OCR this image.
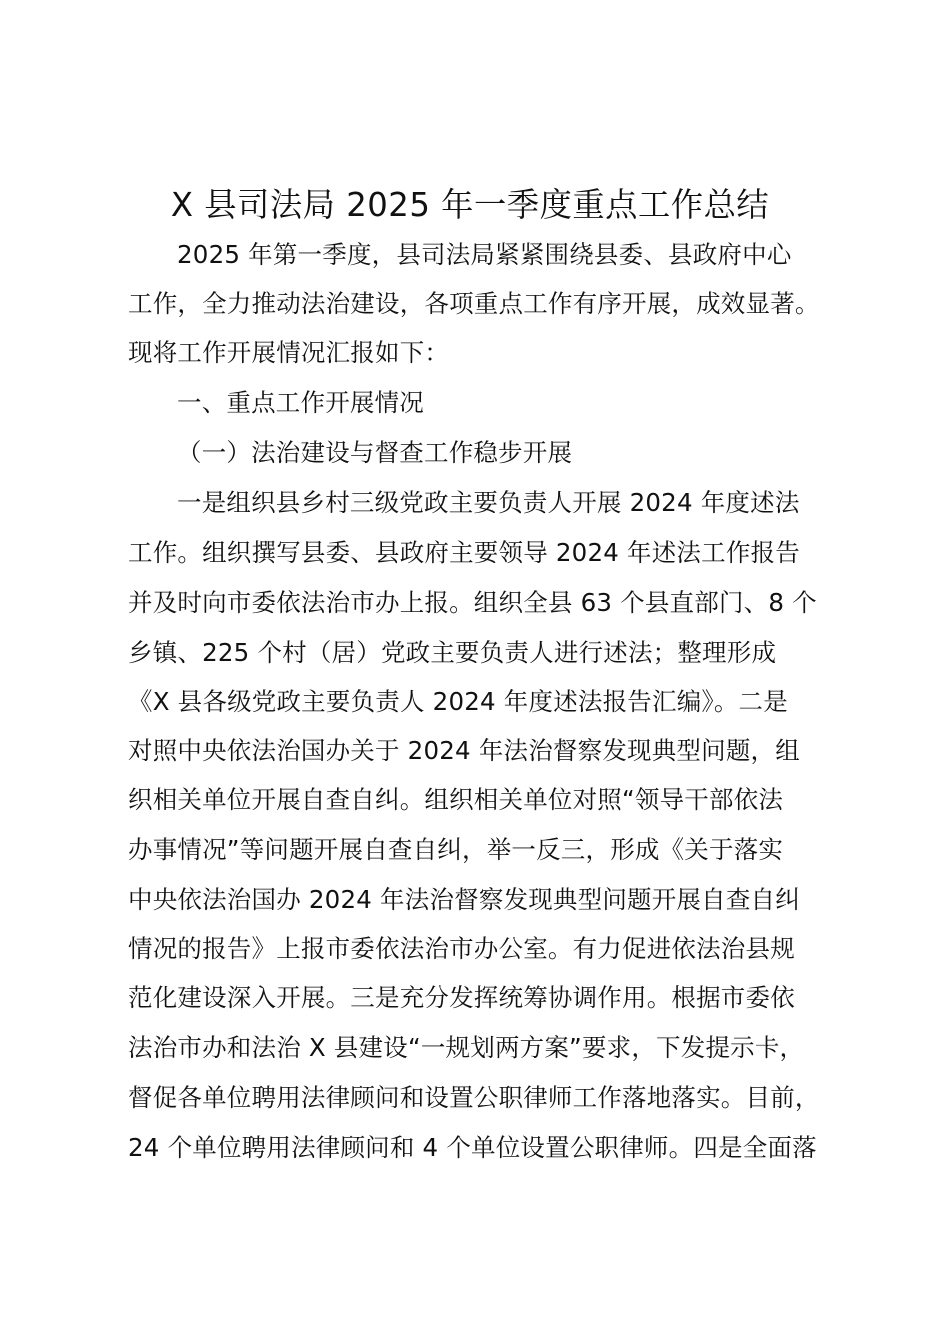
X 县司法局 2025 年一季度重点工作总结
2025 年第一季度，县司法局紧紧围绕县委、县政府中心
工作，全力推动法治建设，各项重点工作有序开展，成效显著。
现将工作开展情况汇报如下：
一、重点工作开展情况
（一）法治建设与督查工作稳步开展
一是组织县乡村三级党政主要负责人开展 2024 年度述法
工作。组织撰写县委、县政府主要领导 2024 年述法工作报告
并及时向市委依法治市办上报。组织全县 63 个县直部门、8 个
乡镇、225 个村（居）党政主要负责人进行述法；整理形成
《X 县各级党政主要负责人 2024 年度述法报告汇编》。二是
对照中央依法治国办关于 2024 年法治督察发现典型问题，组
织相关单位开展自查自纠。组织相关单位对照“领导干部依法
办事情况”等问题开展自查自纠，举一反三，形成《关于落实
中央依法治国办 2024 年法治督察发现典型问题开展自查自纠
情况的报告》上报市委依法治市办公室。有力促进依法治县规
范化建设深入开展。三是充分发挥统筹协调作用。根据市委依
法治市办和法治 X 县建设“一规划两方案”要求，下发提示卡，
督促各单位聘用法律顾问和设置公职律师工作落地落实。目前，
24 个单位聘用法律顾问和 4 个单位设置公职律师。四是全面落
